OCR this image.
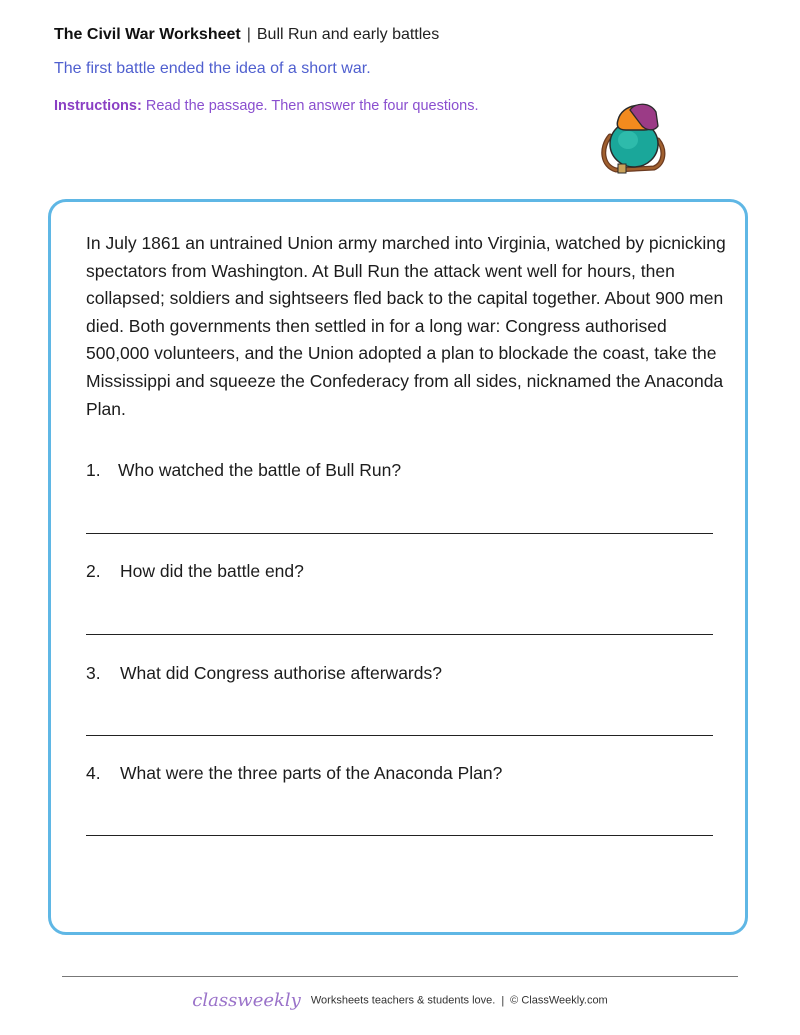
The Civil War Worksheet | Bull Run and early battles
The first battle ended the idea of a short war.
Instructions: Read the passage. Then answer the four questions.
In July 1861 an untrained Union army marched into Virginia, watched by picnicking spectators from Washington. At Bull Run the attack went well for hours, then collapsed; soldiers and sightseers fled back to the capital together. About 900 men died. Both governments then settled in for a long war: Congress authorised 500,000 volunteers, and the Union adopted a plan to blockade the coast, take the Mississippi and squeeze the Confederacy from all sides, nicknamed the Anaconda Plan.
1. Who watched the battle of Bull Run?
2. How did the battle end?
3. What did Congress authorise afterwards?
4. What were the three parts of the Anaconda Plan?
classweekly Worksheets teachers & students love. | © ClassWeekly.com
